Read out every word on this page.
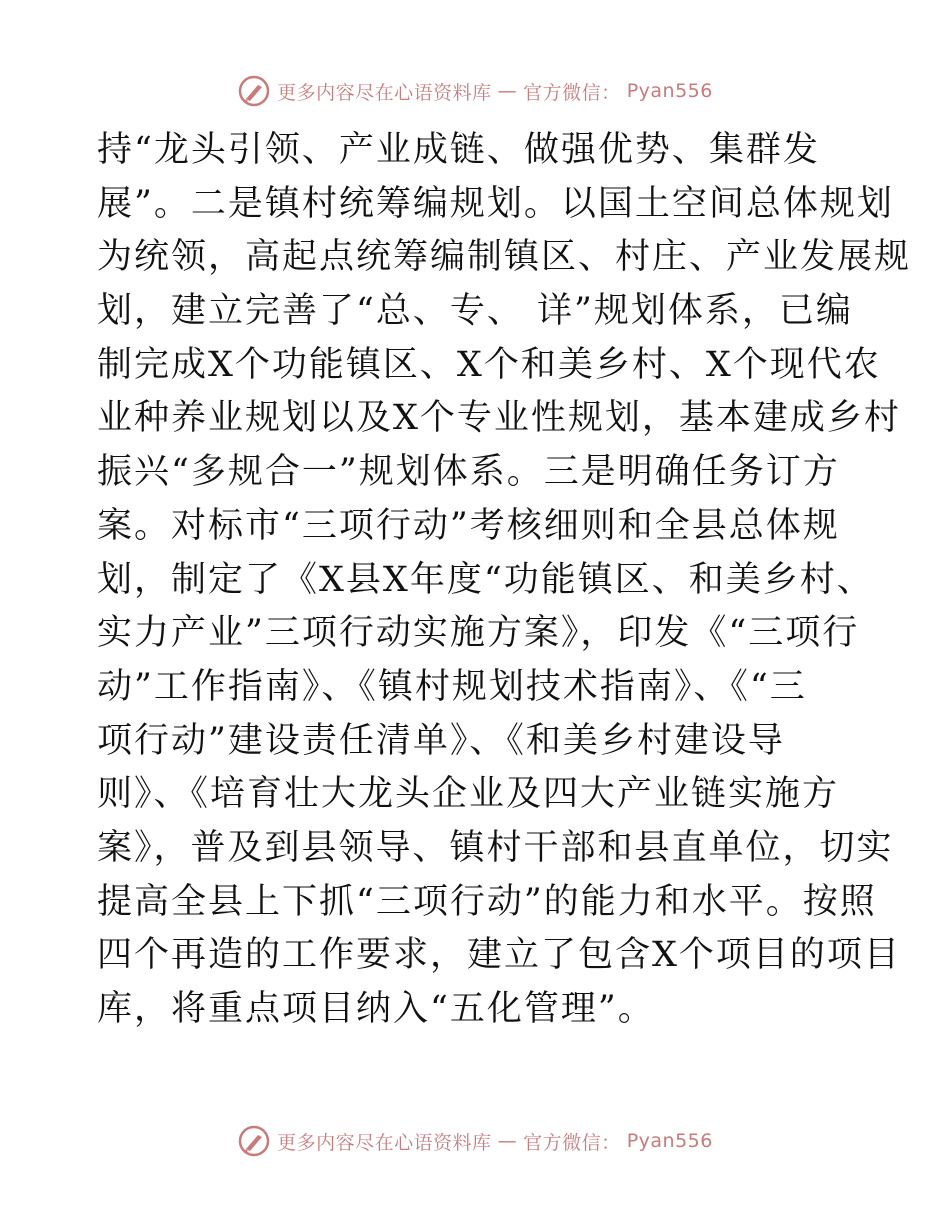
更多内容尽在心语资料库 — 官方微信： Pyan556
持“龙头引领、产业成链、做强优势、集群发
展”。二是镇村统筹编规划。以国土空间总体规划
为统领，高起点统筹编制镇区、村庄、产业发展规
划，建立完善了“总、专、 详”规划体系，已编
制完成X个功能镇区、X个和美乡村、X个现代农
业种养业规划以及X个专业性规划，基本建成乡村
振兴“多规合一”规划体系。三是明确任务订方
案。对标市“三项行动”考核细则和全县总体规
划，制定了《X县X年度“功能镇区、和美乡村、
实力产业”三项行动实施方案》，印发《“三项行
动”工作指南》、《镇村规划技术指南》、《“三
项行动”建设责任清单》、《和美乡村建设导
则》、《培育壮大龙头企业及四大产业链实施方
案》，普及到县领导、镇村干部和县直单位，切实
提高全县上下抓“三项行动”的能力和水平。按照
四个再造的工作要求，建立了包含X个项目的项目
库，将重点项目纳入“五化管理”。
更多内容尽在心语资料库 — 官方微信： Pyan556
